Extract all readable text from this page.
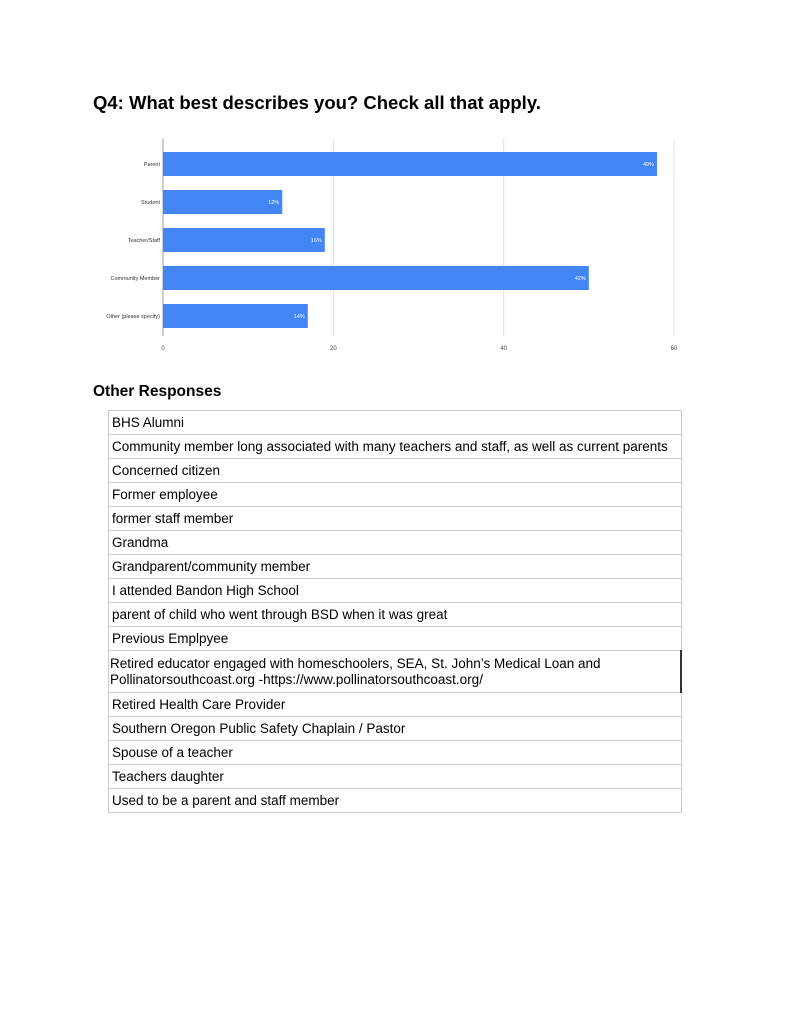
Q4: What best describes you? Check all that apply.
0	20	40	60
Parent	49%
Student	12%
Teacher/Staff	16%
Community Member	42%
Other (please specify)	14%
Other Responses
BHS Alumni
Community member long associated with many teachers and staff, as well as current parents
Concerned citizen
Former employee
former staff member
Grandma
Grandparent/community member
I attended Bandon High School
parent of child who went through BSD when it was great
Previous Emplpyee
Retired educator engaged with homeschoolers, SEA, St. John’s Medical Loan and Pollinatorsouthcoast.org -https://www.pollinatorsouthcoast.org/
Retired Health Care Provider
Southern Oregon Public Safety Chaplain / Pastor
Spouse of a teacher
Teachers daughter
Used to be a parent and staff member
